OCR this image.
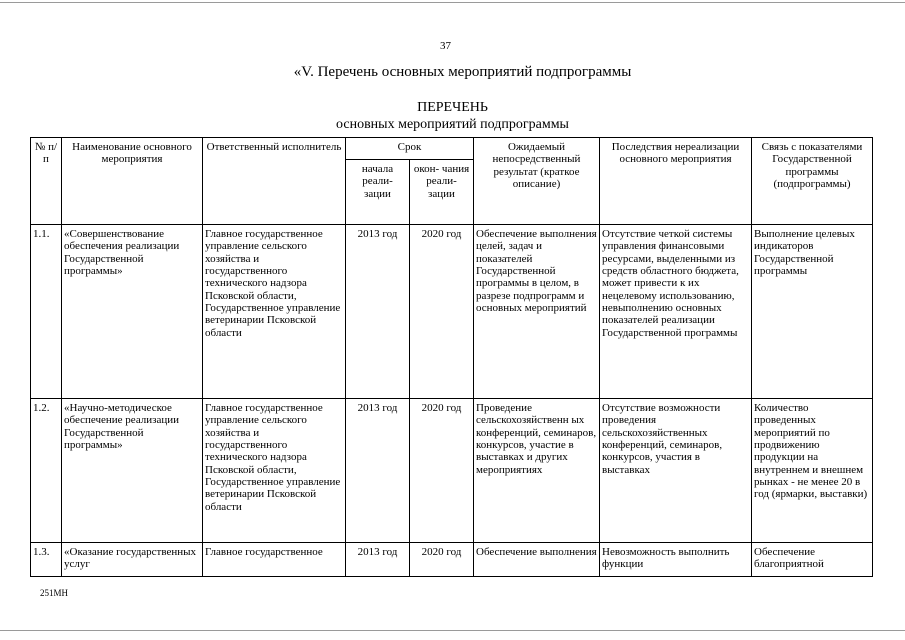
37
«V. Перечень основных мероприятий подпрограммы
ПЕРЕЧЕНЬ
основных мероприятий подпрограммы
№ п/п	Наименование основного мероприятия	Ответственный исполнитель	Срок		Ожидаемый непосредственный результат (краткое описание)	Последствия нереализации основного мероприятия	Связь с показателями Государственной программы (подпрограммы)
			начала реали- зации	окон- чания реали- зации			
1.1.	«Совершенствование обеспечения реализации Государственной программы»	Главное государственное управление сельского хозяйства и государственного технического надзора Псковской области, Государственное управление ветеринарии Псковской области	2013 год	2020 год	Обеспечение выполнения целей, задач и показателей Государственной программы в целом, в разрезе подпрограмм и основных мероприятий	Отсутствие четкой системы управления финансовыми ресурсами, выделенными из средств областного бюджета, может привести к их нецелевому использованию, невыполнению основных показателей реализации Государственной программы	Выполнение целевых индикаторов Государственной программы
1.2.	«Научно-методическое обеспечение реализации Государственной программы»	Главное государственное управление сельского хозяйства и государственного технического надзора Псковской области, Государственное управление ветеринарии Псковской области	2013 год	2020 год	Проведение сельскохозяйственн ых конференций, семинаров, конкурсов, участие в выставках и других мероприятиях	Отсутствие возможности проведения сельскохозяйственных конференций, семинаров, конкурсов, участия в выставках	Количество проведенных мероприятий по продвижению продукции на внутреннем и внешнем рынках - не менее 20 в год (ярмарки, выставки)
1.3.	«Оказание государственных услуг	Главное государственное	2013 год	2020 год	Обеспечение выполнения	Невозможность выполнить функции	Обеспечение благоприятной
251МН
